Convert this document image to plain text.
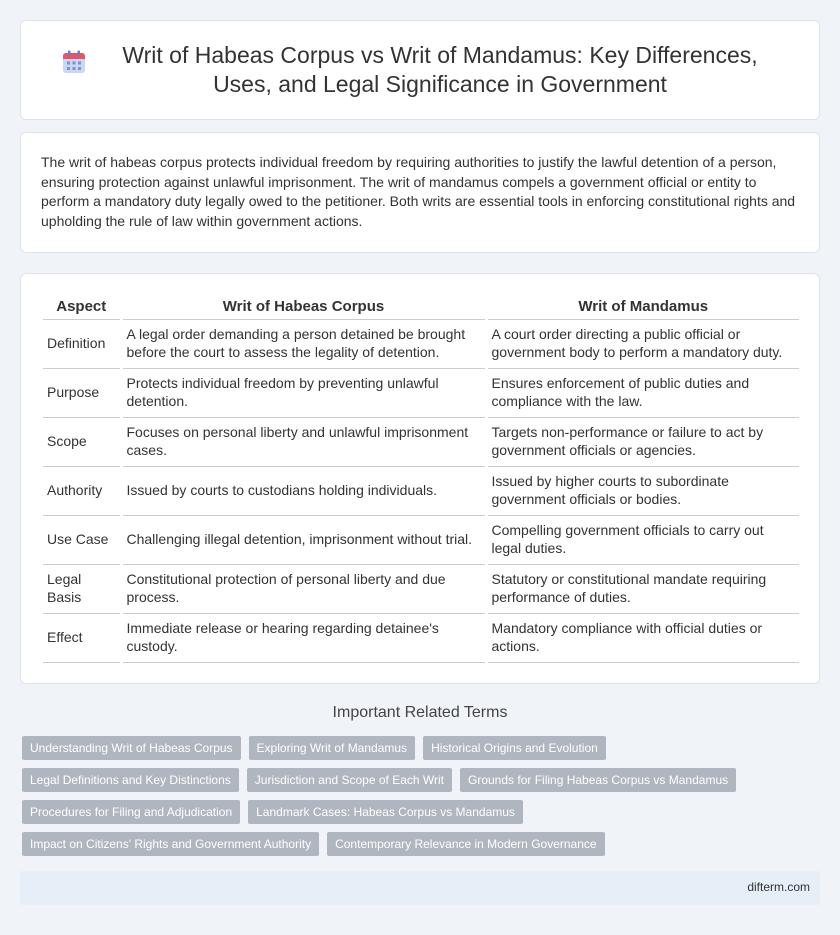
Writ of Habeas Corpus vs Writ of Mandamus: Key Differences, Uses, and Legal Significance in Government

The writ of habeas corpus protects individual freedom by requiring authorities to justify the lawful detention of a person, ensuring protection against unlawful imprisonment. The writ of mandamus compels a government official or entity to perform a mandatory duty legally owed to the petitioner. Both writs are essential tools in enforcing constitutional rights and upholding the rule of law within government actions.

Aspect	Writ of Habeas Corpus	Writ of Mandamus
Definition	A legal order demanding a person detained be brought before the court to assess the legality of detention.	A court order directing a public official or government body to perform a mandatory duty.
Purpose	Protects individual freedom by preventing unlawful detention.	Ensures enforcement of public duties and compliance with the law.
Scope	Focuses on personal liberty and unlawful imprisonment cases.	Targets non-performance or failure to act by government officials or agencies.
Authority	Issued by courts to custodians holding individuals.	Issued by higher courts to subordinate government officials or bodies.
Use Case	Challenging illegal detention, imprisonment without trial.	Compelling government officials to carry out legal duties.
Legal Basis	Constitutional protection of personal liberty and due process.	Statutory or constitutional mandate requiring performance of duties.
Effect	Immediate release or hearing regarding detainee's custody.	Mandatory compliance with official duties or actions.
Important Related Terms
Understanding Writ of Habeas Corpus	Exploring Writ of Mandamus	Historical Origins and Evolution
Legal Definitions and Key Distinctions	Jurisdiction and Scope of Each Writ	Grounds for Filing Habeas Corpus vs Mandamus
Procedures for Filing and Adjudication	Landmark Cases: Habeas Corpus vs Mandamus
Impact on Citizens' Rights and Government Authority	Contemporary Relevance in Modern Governance
difterm.com
